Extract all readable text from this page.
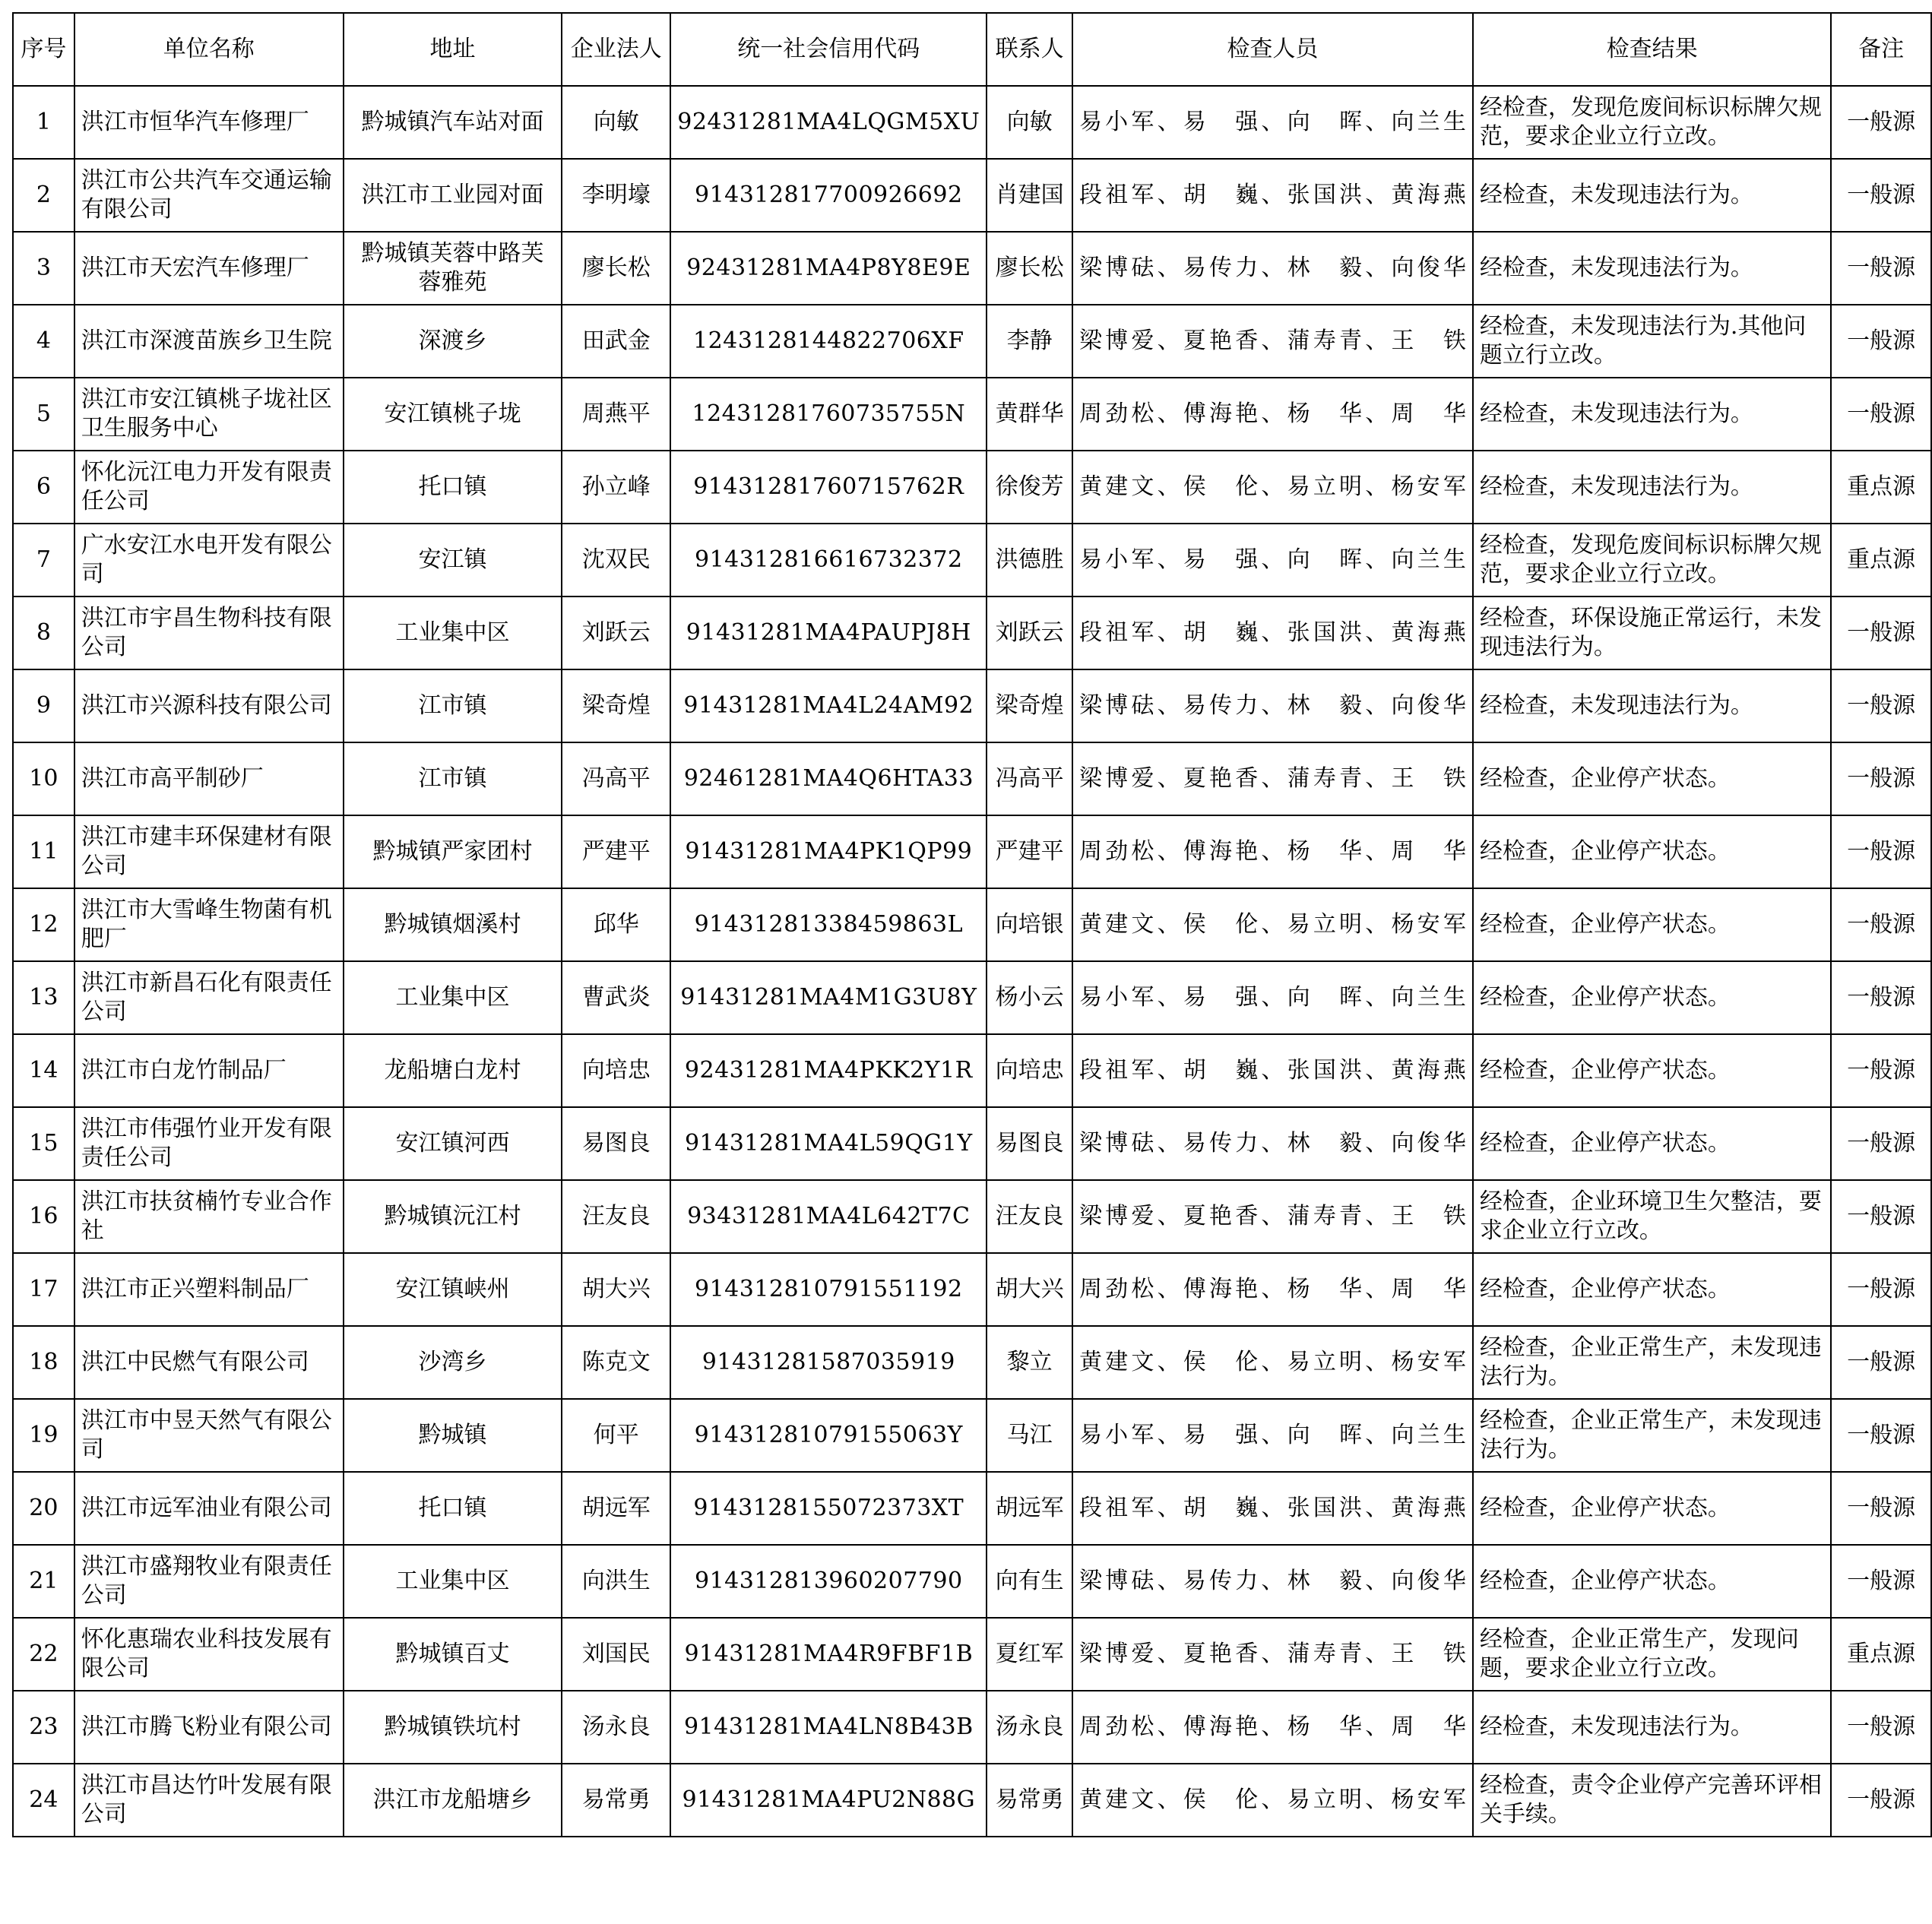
序号	单位名称	地址	企业法人	统一社会信用代码	联系人	检查人员	检查结果	备注
1	洪江市恒华汽车修理厂	黔城镇汽车站对面	向敏	92431281MA4LQGM5XU	向敏	易小军、易　强、向　晖、向兰生	经检查，发现危废间标识标牌欠规范，要求企业立行立改。	一般源
2	洪江市公共汽车交通运输有限公司	洪江市工业园对面	李明壕	914312817700926692	肖建国	段祖军、胡　巍、张国洪、黄海燕	经检查，未发现违法行为。	一般源
3	洪江市天宏汽车修理厂	黔城镇芙蓉中路芙蓉雅苑	廖长松	92431281MA4P8Y8E9E	廖长松	梁博砝、易传力、林　毅、向俊华	经检查，未发现违法行为。	一般源
4	洪江市深渡苗族乡卫生院	深渡乡	田武金	1243128144822706XF	李静	梁博爱、夏艳香、蒲寿青、王　铁	经检查，未发现违法行为.其他问题立行立改。	一般源
5	洪江市安江镇桃子垅社区卫生服务中心	安江镇桃子垅	周燕平	12431281760735755N	黄群华	周劲松、傅海艳、杨　华、周　华	经检查，未发现违法行为。	一般源
6	怀化沅江电力开发有限责任公司	托口镇	孙立峰	91431281760715762R	徐俊芳	黄建文、侯　伦、易立明、杨安军	经检查，未发现违法行为。	重点源
7	广水安江水电开发有限公司	安江镇	沈双民	914312816616732372	洪德胜	易小军、易　强、向　晖、向兰生	经检查，发现危废间标识标牌欠规范，要求企业立行立改。	重点源
8	洪江市宇昌生物科技有限公司	工业集中区	刘跃云	91431281MA4PAUPJ8H	刘跃云	段祖军、胡　巍、张国洪、黄海燕	经检查，环保设施正常运行，未发现违法行为。	一般源
9	洪江市兴源科技有限公司	江市镇	梁奇煌	91431281MA4L24AM92	梁奇煌	梁博砝、易传力、林　毅、向俊华	经检查，未发现违法行为。	一般源
10	洪江市高平制砂厂	江市镇	冯高平	92461281MA4Q6HTA33	冯高平	梁博爱、夏艳香、蒲寿青、王　铁	经检查，企业停产状态。	一般源
11	洪江市建丰环保建材有限公司	黔城镇严家团村	严建平	91431281MA4PK1QP99	严建平	周劲松、傅海艳、杨　华、周　华	经检查，企业停产状态。	一般源
12	洪江市大雪峰生物菌有机肥厂	黔城镇烟溪村	邱华	91431281338459863L	向培银	黄建文、侯　伦、易立明、杨安军	经检查，企业停产状态。	一般源
13	洪江市新昌石化有限责任公司	工业集中区	曹武炎	91431281MA4M1G3U8Y	杨小云	易小军、易　强、向　晖、向兰生	经检查，企业停产状态。	一般源
14	洪江市白龙竹制品厂	龙船塘白龙村	向培忠	92431281MA4PKK2Y1R	向培忠	段祖军、胡　巍、张国洪、黄海燕	经检查，企业停产状态。	一般源
15	洪江市伟强竹业开发有限责任公司	安江镇河西	易图良	91431281MA4L59QG1Y	易图良	梁博砝、易传力、林　毅、向俊华	经检查，企业停产状态。	一般源
16	洪江市扶贫楠竹专业合作社	黔城镇沅江村	汪友良	93431281MA4L642T7C	汪友良	梁博爱、夏艳香、蒲寿青、王　铁	经检查，企业环境卫生欠整洁，要求企业立行立改。	一般源
17	洪江市正兴塑料制品厂	安江镇峡州	胡大兴	914312810791551192	胡大兴	周劲松、傅海艳、杨　华、周　华	经检查，企业停产状态。	一般源
18	洪江中民燃气有限公司	沙湾乡	陈克文	91431281587035919	黎立	黄建文、侯　伦、易立明、杨安军	经检查，企业正常生产，未发现违法行为。	一般源
19	洪江市中昱天然气有限公司	黔城镇	何平	91431281079155063Y	马江	易小军、易　强、向　晖、向兰生	经检查，企业正常生产，未发现违法行为。	一般源
20	洪江市远军油业有限公司	托口镇	胡远军	9143128155072373XT	胡远军	段祖军、胡　巍、张国洪、黄海燕	经检查，企业停产状态。	一般源
21	洪江市盛翔牧业有限责任公司	工业集中区	向洪生	914312813960207790	向有生	梁博砝、易传力、林　毅、向俊华	经检查，企业停产状态。	一般源
22	怀化惠瑞农业科技发展有限公司	黔城镇百丈	刘国民	91431281MA4R9FBF1B	夏红军	梁博爱、夏艳香、蒲寿青、王　铁	经检查，企业正常生产，发现问题，要求企业立行立改。	重点源
23	洪江市腾飞粉业有限公司	黔城镇铁坑村	汤永良	91431281MA4LN8B43B	汤永良	周劲松、傅海艳、杨　华、周　华	经检查，未发现违法行为。	一般源
24	洪江市昌达竹叶发展有限公司	洪江市龙船塘乡	易常勇	91431281MA4PU2N88G	易常勇	黄建文、侯　伦、易立明、杨安军	经检查，责令企业停产完善环评相关手续。	一般源
